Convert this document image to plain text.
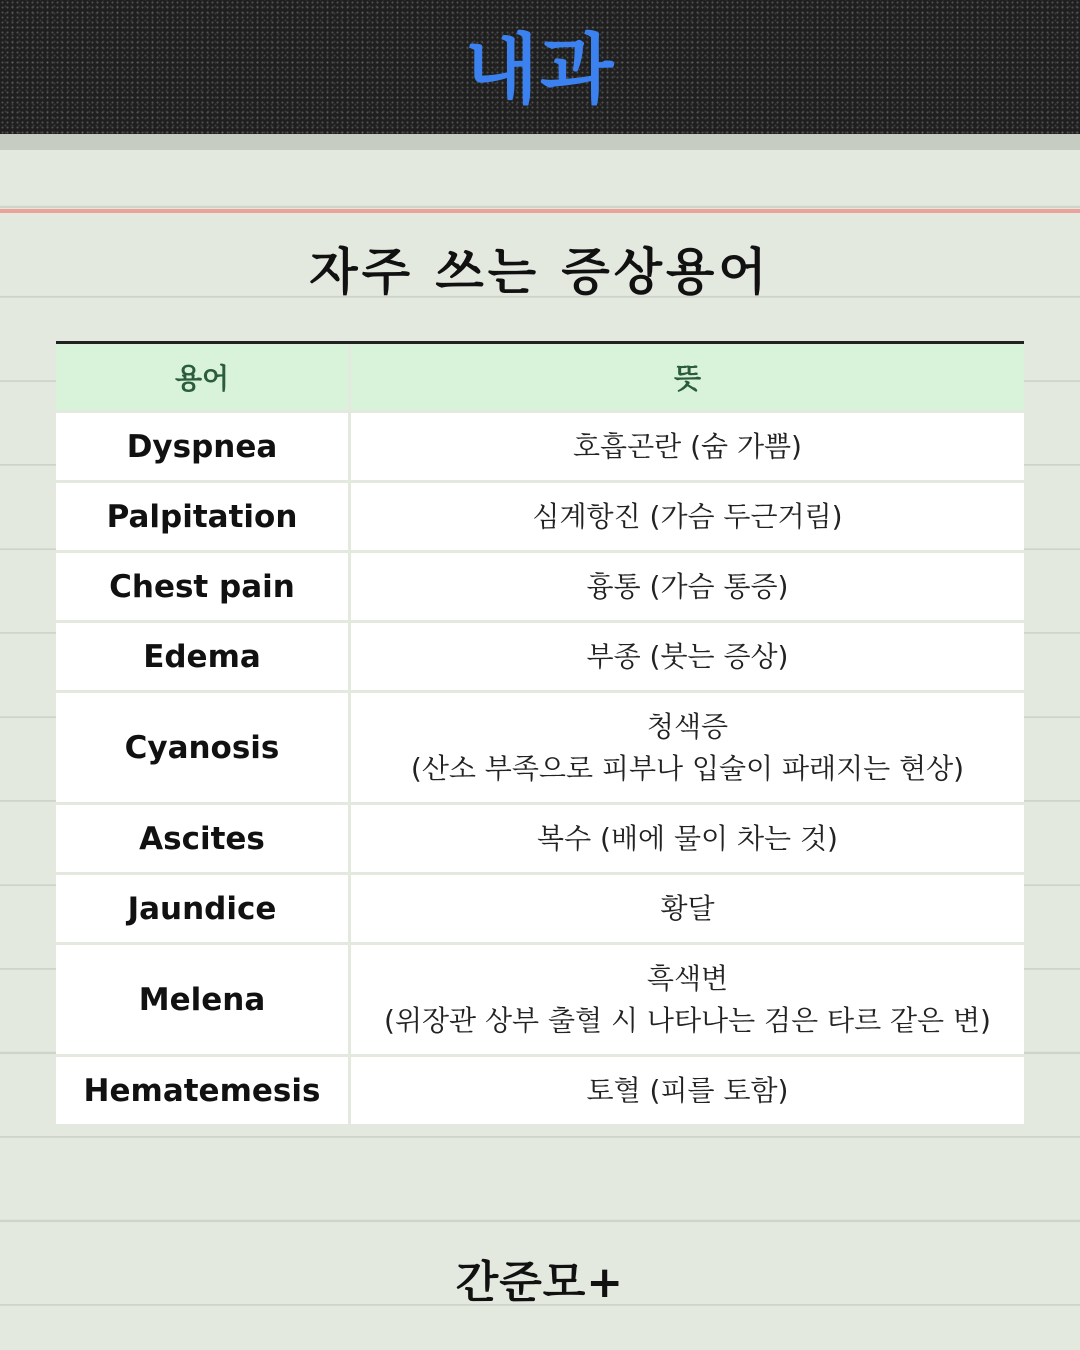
내과
자주 쓰는 증상용어
용어	뜻
Dyspnea	호흡곤란 (숨 가쁨)

Palpitation	심계항진 (가슴 두근거림)

Chest pain	흉통 (가슴 통증)

Edema	부종 (붓는 증상)

Cyanosis	청색증
(산소 부족으로 피부나 입술이 파래지는 현상)

Ascites	복수 (배에 물이 차는 것)

Jaundice	황달

Melena	흑색변
(위장관 상부 출혈 시 나타나는 검은 타르 같은 변)

Hematemesis	토혈 (피를 토함)
간준모+
